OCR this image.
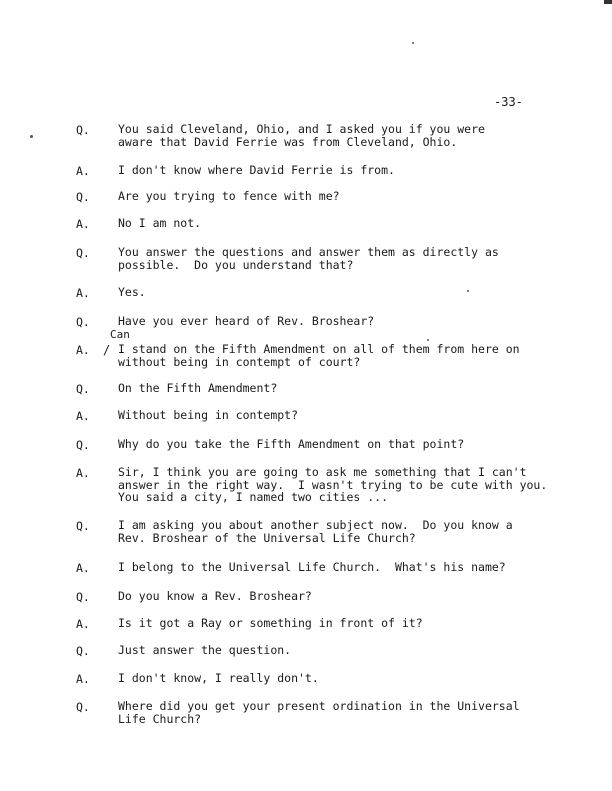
-33-
Q. You said Cleveland, Ohio, and I asked you if you were
aware that David Ferrie was from Cleveland, Ohio.
A. I don't know where David Ferrie is from.
Q. Are you trying to fence with me?
A. No I am not.
Q. You answer the questions and answer them as directly as
possible.  Do you understand that?
A. Yes.
Q. Have you ever heard of Rev. Broshear?
Can
A. / I stand on the Fifth Amendment on all of them from here on
without being in contempt of court?
Q. On the Fifth Amendment?
A. Without being in contempt?
Q. Why do you take the Fifth Amendment on that point?
A. Sir, I think you are going to ask me something that I can't
answer in the right way.  I wasn't trying to be cute with you.
You said a city, I named two cities ...
Q. I am asking you about another subject now.  Do you know a
Rev. Broshear of the Universal Life Church?
A. I belong to the Universal Life Church.  What's his name?
Q. Do you know a Rev. Broshear?
A. Is it got a Ray or something in front of it?
Q. Just answer the question.
A. I don't know, I really don't.
Q. Where did you get your present ordination in the Universal
Life Church?
